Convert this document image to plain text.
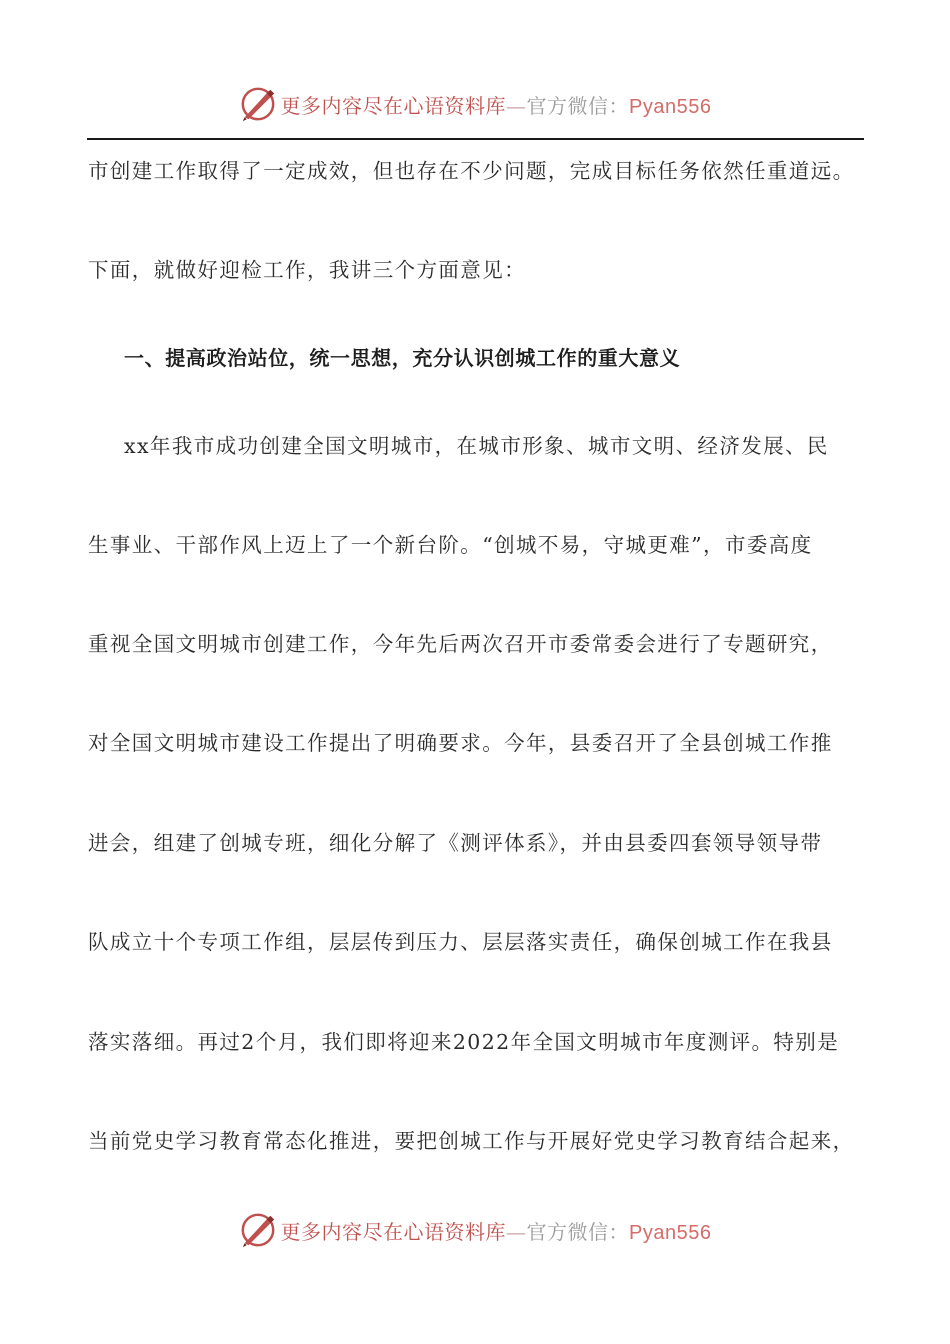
更多内容尽在心语资料库—官方微信：Pyan556
市创建工作取得了一定成效，但也存在不少问题，完成目标任务依然任重道远。
下面，就做好迎检工作，我讲三个方面意见：
一、提高政治站位，统一思想，充分认识创城工作的重大意义
xx年我市成功创建全国文明城市，在城市形象、城市文明、经济发展、民
生事业、干部作风上迈上了一个新台阶。“创城不易，守城更难”，市委高度
重视全国文明城市创建工作，今年先后两次召开市委常委会进行了专题研究，
对全国文明城市建设工作提出了明确要求。今年，县委召开了全县创城工作推
进会，组建了创城专班，细化分解了《测评体系》，并由县委四套领导领导带
队成立十个专项工作组，层层传到压力、层层落实责任，确保创城工作在我县
落实落细。再过2个月，我们即将迎来2022年全国文明城市年度测评。特别是
当前党史学习教育常态化推进，要把创城工作与开展好党史学习教育结合起来，
更多内容尽在心语资料库—官方微信：Pyan556
